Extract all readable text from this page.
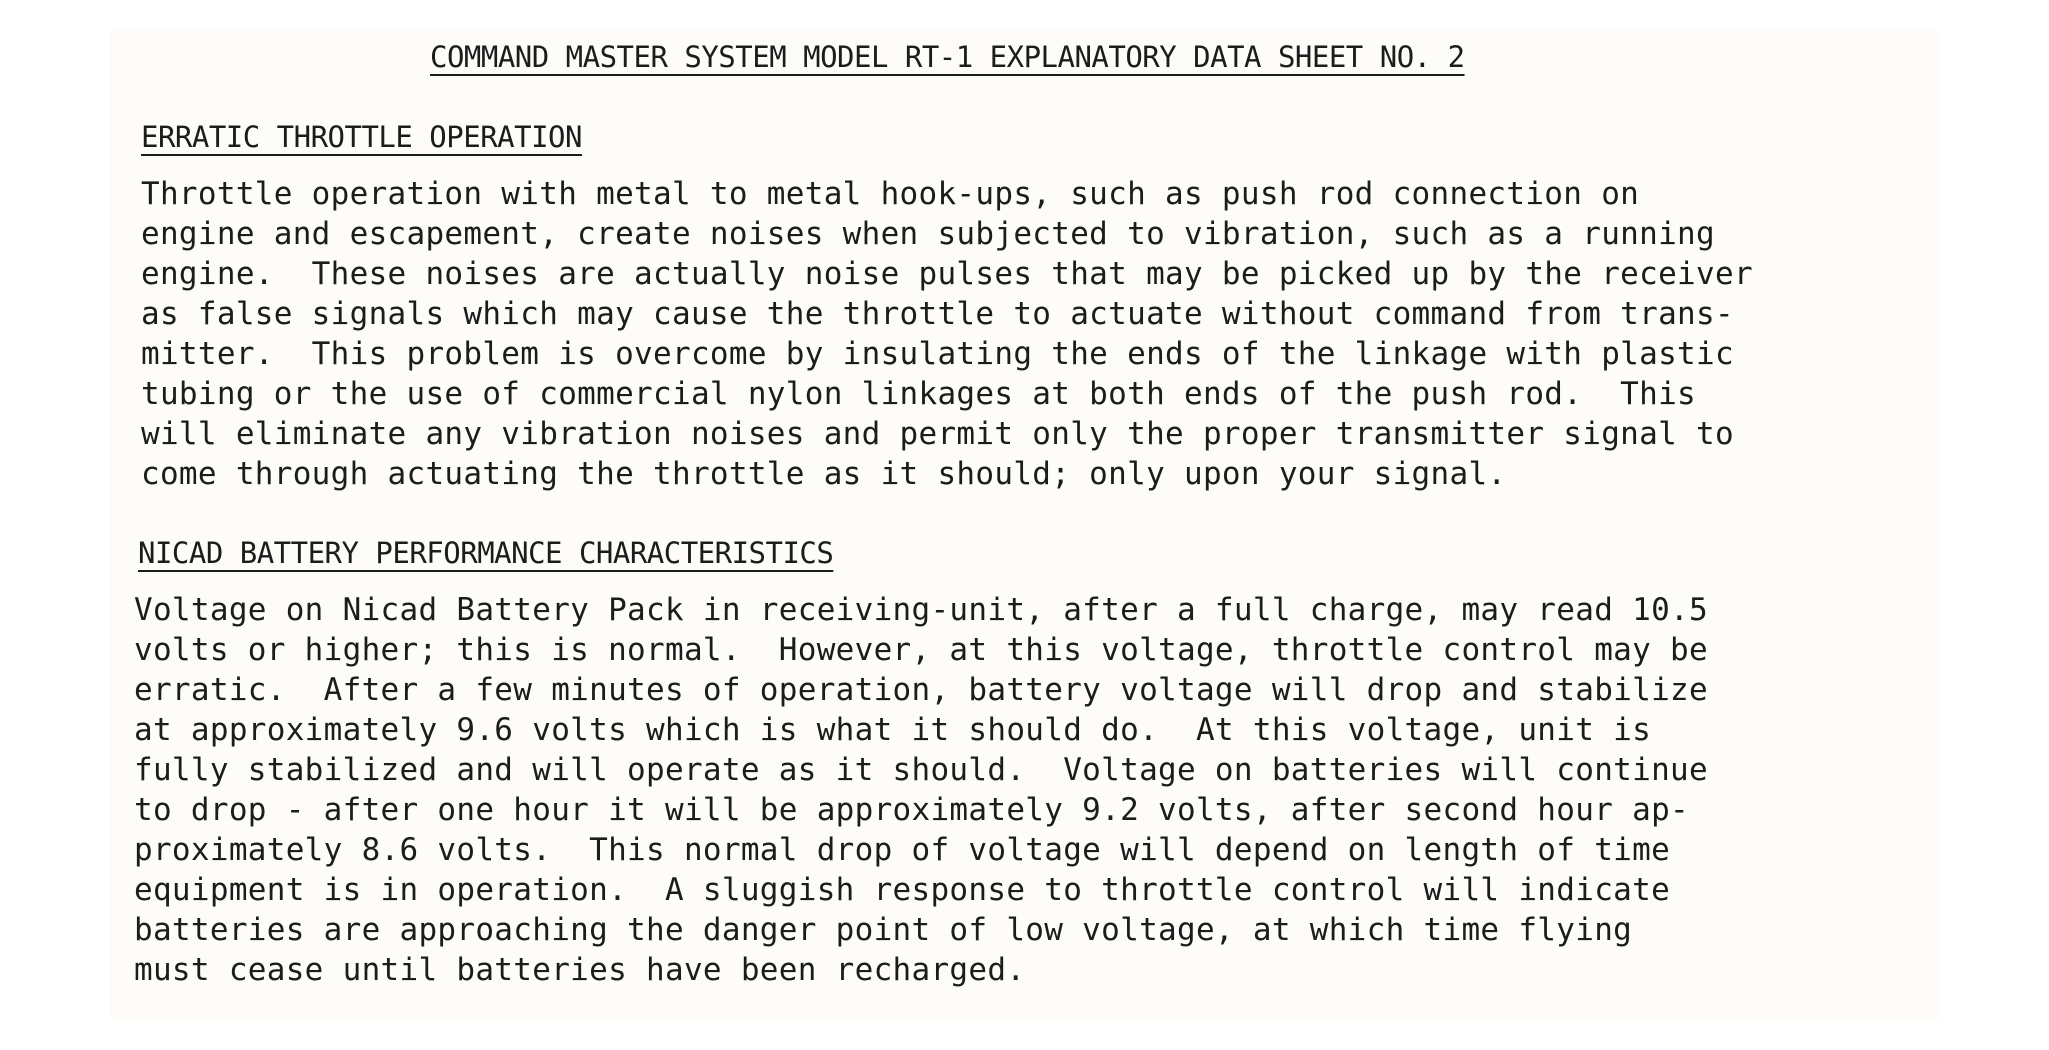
COMMAND MASTER SYSTEM MODEL RT-1 EXPLANATORY DATA SHEET NO. 2
ERRATIC THROTTLE OPERATION
Throttle operation with metal to metal hook-ups, such as push rod connection on
engine and escapement, create noises when subjected to vibration, such as a running
engine.  These noises are actually noise pulses that may be picked up by the receiver
as false signals which may cause the throttle to actuate without command from trans-
mitter.  This problem is overcome by insulating the ends of the linkage with plastic
tubing or the use of commercial nylon linkages at both ends of the push rod.  This
will eliminate any vibration noises and permit only the proper transmitter signal to
come through actuating the throttle as it should; only upon your signal.
NICAD BATTERY PERFORMANCE CHARACTERISTICS
Voltage on Nicad Battery Pack in receiving-unit, after a full charge, may read 10.5
volts or higher; this is normal.  However, at this voltage, throttle control may be
erratic.  After a few minutes of operation, battery voltage will drop and stabilize
at approximately 9.6 volts which is what it should do.  At this voltage, unit is
fully stabilized and will operate as it should.  Voltage on batteries will continue
to drop - after one hour it will be approximately 9.2 volts, after second hour ap-
proximately 8.6 volts.  This normal drop of voltage will depend on length of time
equipment is in operation.  A sluggish response to throttle control will indicate
batteries are approaching the danger point of low voltage, at which time flying
must cease until batteries have been recharged.
